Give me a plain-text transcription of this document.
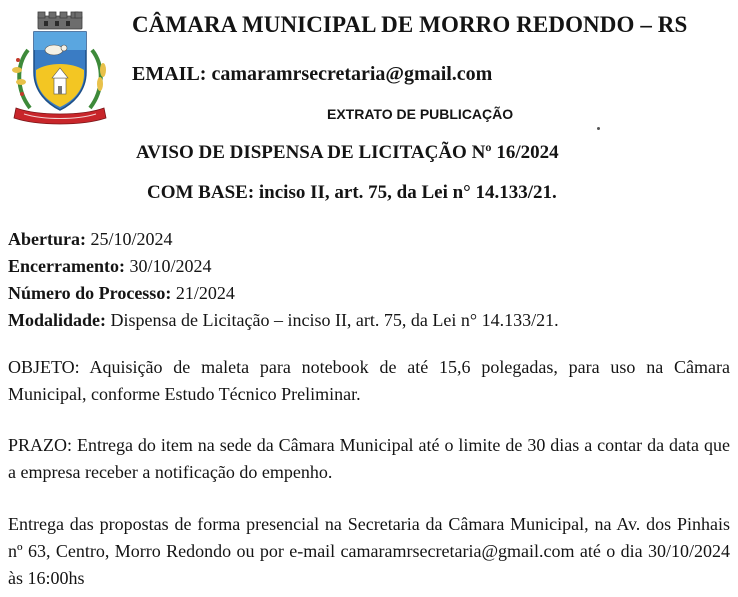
CÂMARA MUNICIPAL DE MORRO REDONDO – RS
EMAIL: camaramrsecretaria@gmail.com
EXTRATO DE PUBLICAÇÃO
AVISO DE DISPENSA DE LICITAÇÃO Nº 16/2024
COM BASE: inciso II, art. 75, da Lei n° 14.133/21.
Abertura: 25/10/2024
Encerramento: 30/10/2024
Número do Processo: 21/2024
Modalidade: Dispensa de Licitação – inciso II, art. 75, da Lei n° 14.133/21.
OBJETO: Aquisição de maleta para notebook de até 15,6 polegadas, para uso na Câmara Municipal, conforme Estudo Técnico Preliminar.
PRAZO: Entrega do item na sede da Câmara Municipal até o limite de 30 dias a contar da data que a empresa receber a notificação do empenho.
Entrega das propostas de forma presencial na Secretaria da Câmara Municipal, na Av. dos Pinhais nº 63, Centro, Morro Redondo ou por e-mail camaramrsecretaria@gmail.com até o dia 30/10/2024 às 16:00hs
